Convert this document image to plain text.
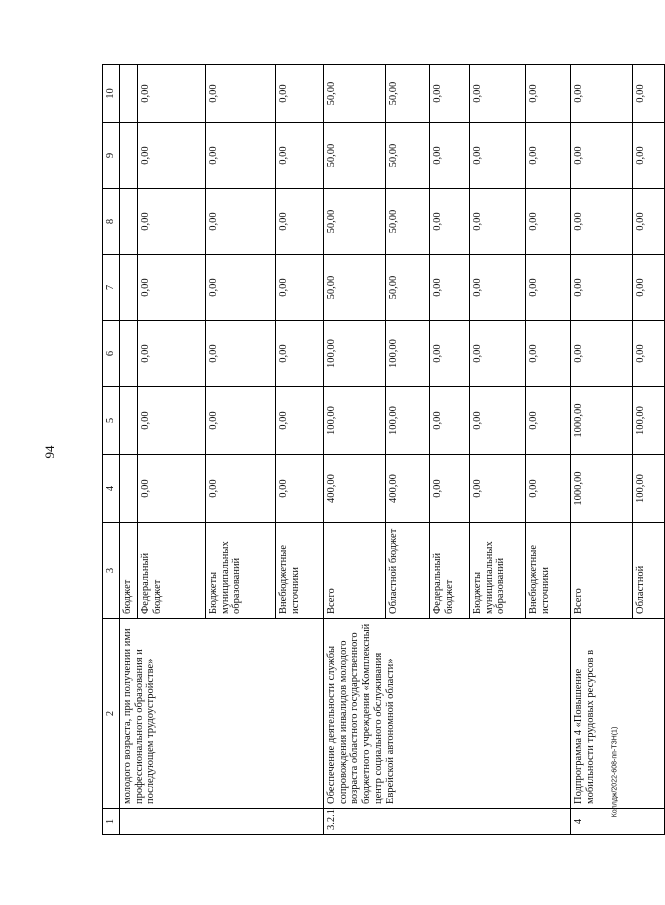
94
1	2	3	4	5	6	7	8	9	10
	молодого возраста, при получении ими профессионального образования и последующем трудоустройстве»	бюджет							
		Федеральный бюджет	0,00	0,00	0,00	0,00	0,00	0,00	0,00
		Бюджеты муниципальных образований	0,00	0,00	0,00	0,00	0,00	0,00	0,00
		Внебюджетные источники	0,00	0,00	0,00	0,00	0,00	0,00	0,00
3.2.1	Обеспечение деятельности службы сопровождения инвалидов молодого возраста областного государственного бюджетного учреждения «Комплексный центр социального обслуживания Еврейской автономной области»	Всего	400,00	100,00	100,00	50,00	50,00	50,00	50,00
		Областной бюджет	400,00	100,00	100,00	50,00	50,00	50,00	50,00
		Федеральный бюджет	0,00	0,00	0,00	0,00	0,00	0,00	0,00
		Бюджеты муниципальных образований	0,00	0,00	0,00	0,00	0,00	0,00	0,00
		Внебюджетные источники	0,00	0,00	0,00	0,00	0,00	0,00	0,00
4	Подпрограмма 4 «Повышение мобильности трудовых ресурсов в	Всего	1000,00	1000,00	0,00	0,00	0,00	0,00	0,00
		Областной	100,00	100,00	0,00	0,00	0,00	0,00	0,00
Коллдж/2022-608-пп-ТЗН(1)
